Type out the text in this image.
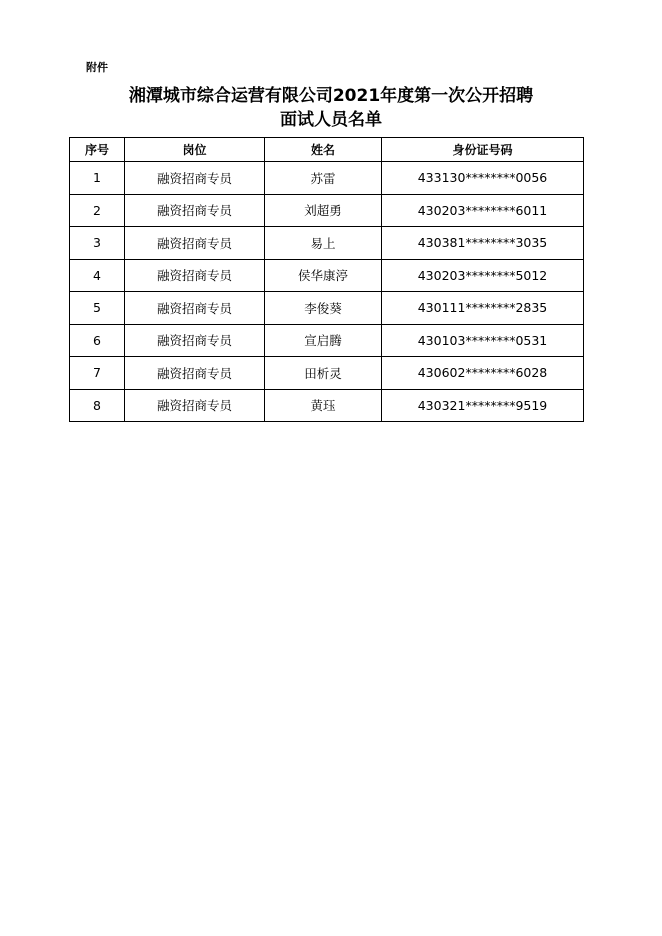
附件
湘潭城市综合运营有限公司2021年度第一次公开招聘
面试人员名单
序号	岗位	姓名	身份证号码
1	融资招商专员	苏雷	433130********0056
2	融资招商专员	刘超勇	430203********6011
3	融资招商专员	易上	430381********3035
4	融资招商专员	侯华康渟	430203********5012
5	融资招商专员	李俊葵	430111********2835
6	融资招商专员	宣启腾	430103********0531
7	融资招商专员	田析灵	430602********6028
8	融资招商专员	黄珏	430321********9519
